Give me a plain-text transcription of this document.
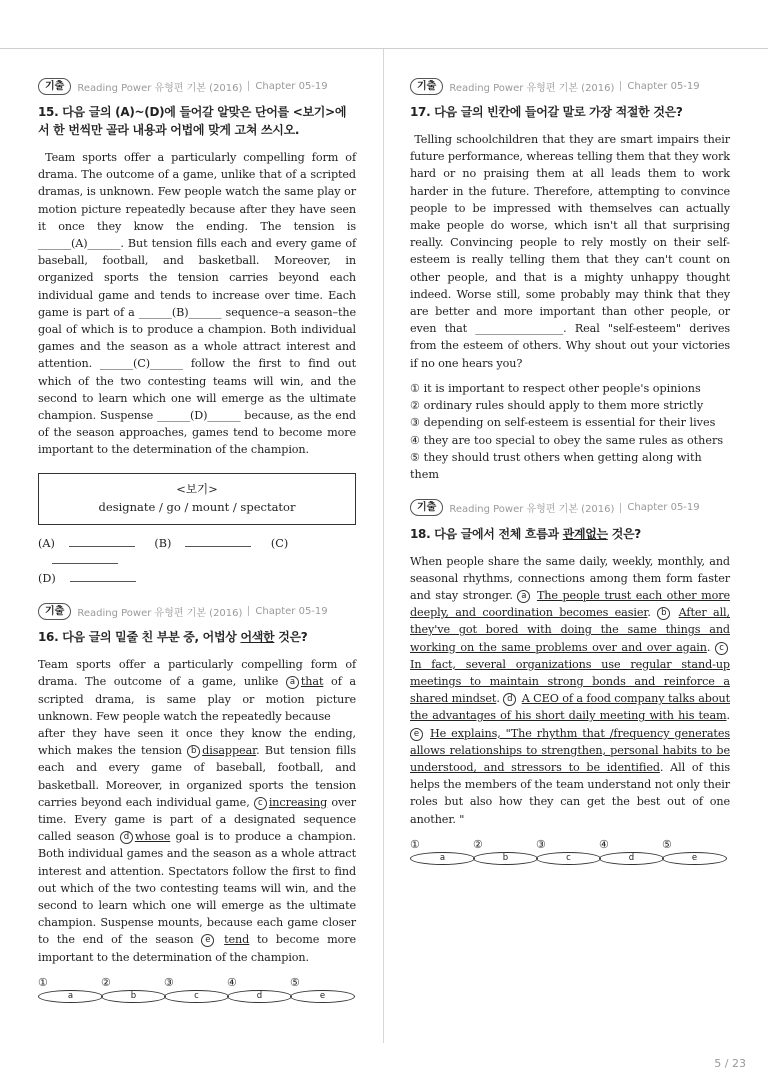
기출	Reading Power 유형편 기본 (2016) Chapter 05-19
15. 다음 글의 (A)~(D)에 들어갈 알맞은 단어를 <보기>에서 한 번씩만 골라 내용과 어법에 맞게 고쳐 쓰시오.
Team sports offer a particularly compelling form of drama. The outcome of a game, unlike that of a scripted dramas, is unknown. Few people watch the same play or motion picture repeatedly because after they have seen it once they know the ending. The tension is ______(A)______. But tension fills each and every game of baseball, football, and basketball. Moreover, in organized sports the tension carries beyond each individual game and tends to increase over time. Each game is part of a ______(B)______ sequence–a season–the goal of which is to produce a champion. Both individual games and the season as a whole attract interest and attention. ______(C)______ follow the first to find out which of the two contesting teams will win, and the second to learn which one will emerge as the ultimate champion. Suspense ______(D)______ because, as the end of the season approaches, games tend to become more important to the determination of the champion.
<보기>
designate / go / mount / spectator
(A)	(B)	(C)
(D)
기출	Reading Power 유형편 기본 (2016) Chapter 05-19
16. 다음 글의 밑줄 친 부분 중, 어법상 어색한 것은?
Team sports offer a particularly compelling form of drama. The outcome of a game, unlike a that of a scripted drama, is same play or motion picture unknown. Few people watch the repeatedly because
after they have seen it once they know the ending, which makes the tension b disappear. But tension fills each and every game of baseball, football, and basketball. Moreover, in organized sports the tension carries beyond each individual game, c increasing over time. Every game is part of a designated sequence called season d whose goal is to produce a champion. Both individual games and the season as a whole attract interest and attention. Spectators follow the first to find out which of the two contesting teams will win, and the second to learn which one will emerge as the ultimate champion. Suspense mounts, because each game closer to the end of the season e tend to become more important to the determination of the champion.
① a
② b
③ c
④ d
⑤ e
기출	Reading Power 유형편 기본 (2016) Chapter 05-19
17. 다음 글의 빈칸에 들어갈 말로 가장 적절한 것은?
Telling schoolchildren that they are smart impairs their future performance, whereas telling them that they work hard or no praising them at all leads them to work harder in the future. Therefore, attempting to convince people to be impressed with themselves can actually make people do worse, which isn't all that surprising really. Convincing people to rely mostly on their self-esteem is really telling them that they can't count on other people, and that is a mighty unhappy thought indeed. Worse still, some probably may think that they are better and more important than other people, or even that ________________. Real "self-esteem" derives from the esteem of others. Why shout out your victories if no one hears you?
① it is important to respect other people's opinions
② ordinary rules should apply to them more strictly
③ depending on self-esteem is essential for their lives
④ they are too special to obey the same rules as others
⑤ they should trust others when getting along with them
기출	Reading Power 유형편 기본 (2016) Chapter 05-19
18. 다음 글에서 전체 흐름과 관계없는 것은?
When people share the same daily, weekly, monthly, and seasonal rhythms, connections among them form faster and stay stronger. a The people trust each other more deeply, and coordination becomes easier. b After all, they've got bored with doing the same things and working on the same problems over and over again. c In fact, several organizations use regular stand-up meetings to maintain strong bonds and reinforce a shared mindset. d A CEO of a food company talks about the advantages of his short daily meeting with his team. e He explains, "The rhythm that /frequency generates allows relationships to strengthen, personal habits to be understood, and stressors to be identified. All of this helps the members of the team understand not only their roles but also how they can get the best out of one another. "
① a
② b
③ c
④ d
⑤ e
5 / 23
